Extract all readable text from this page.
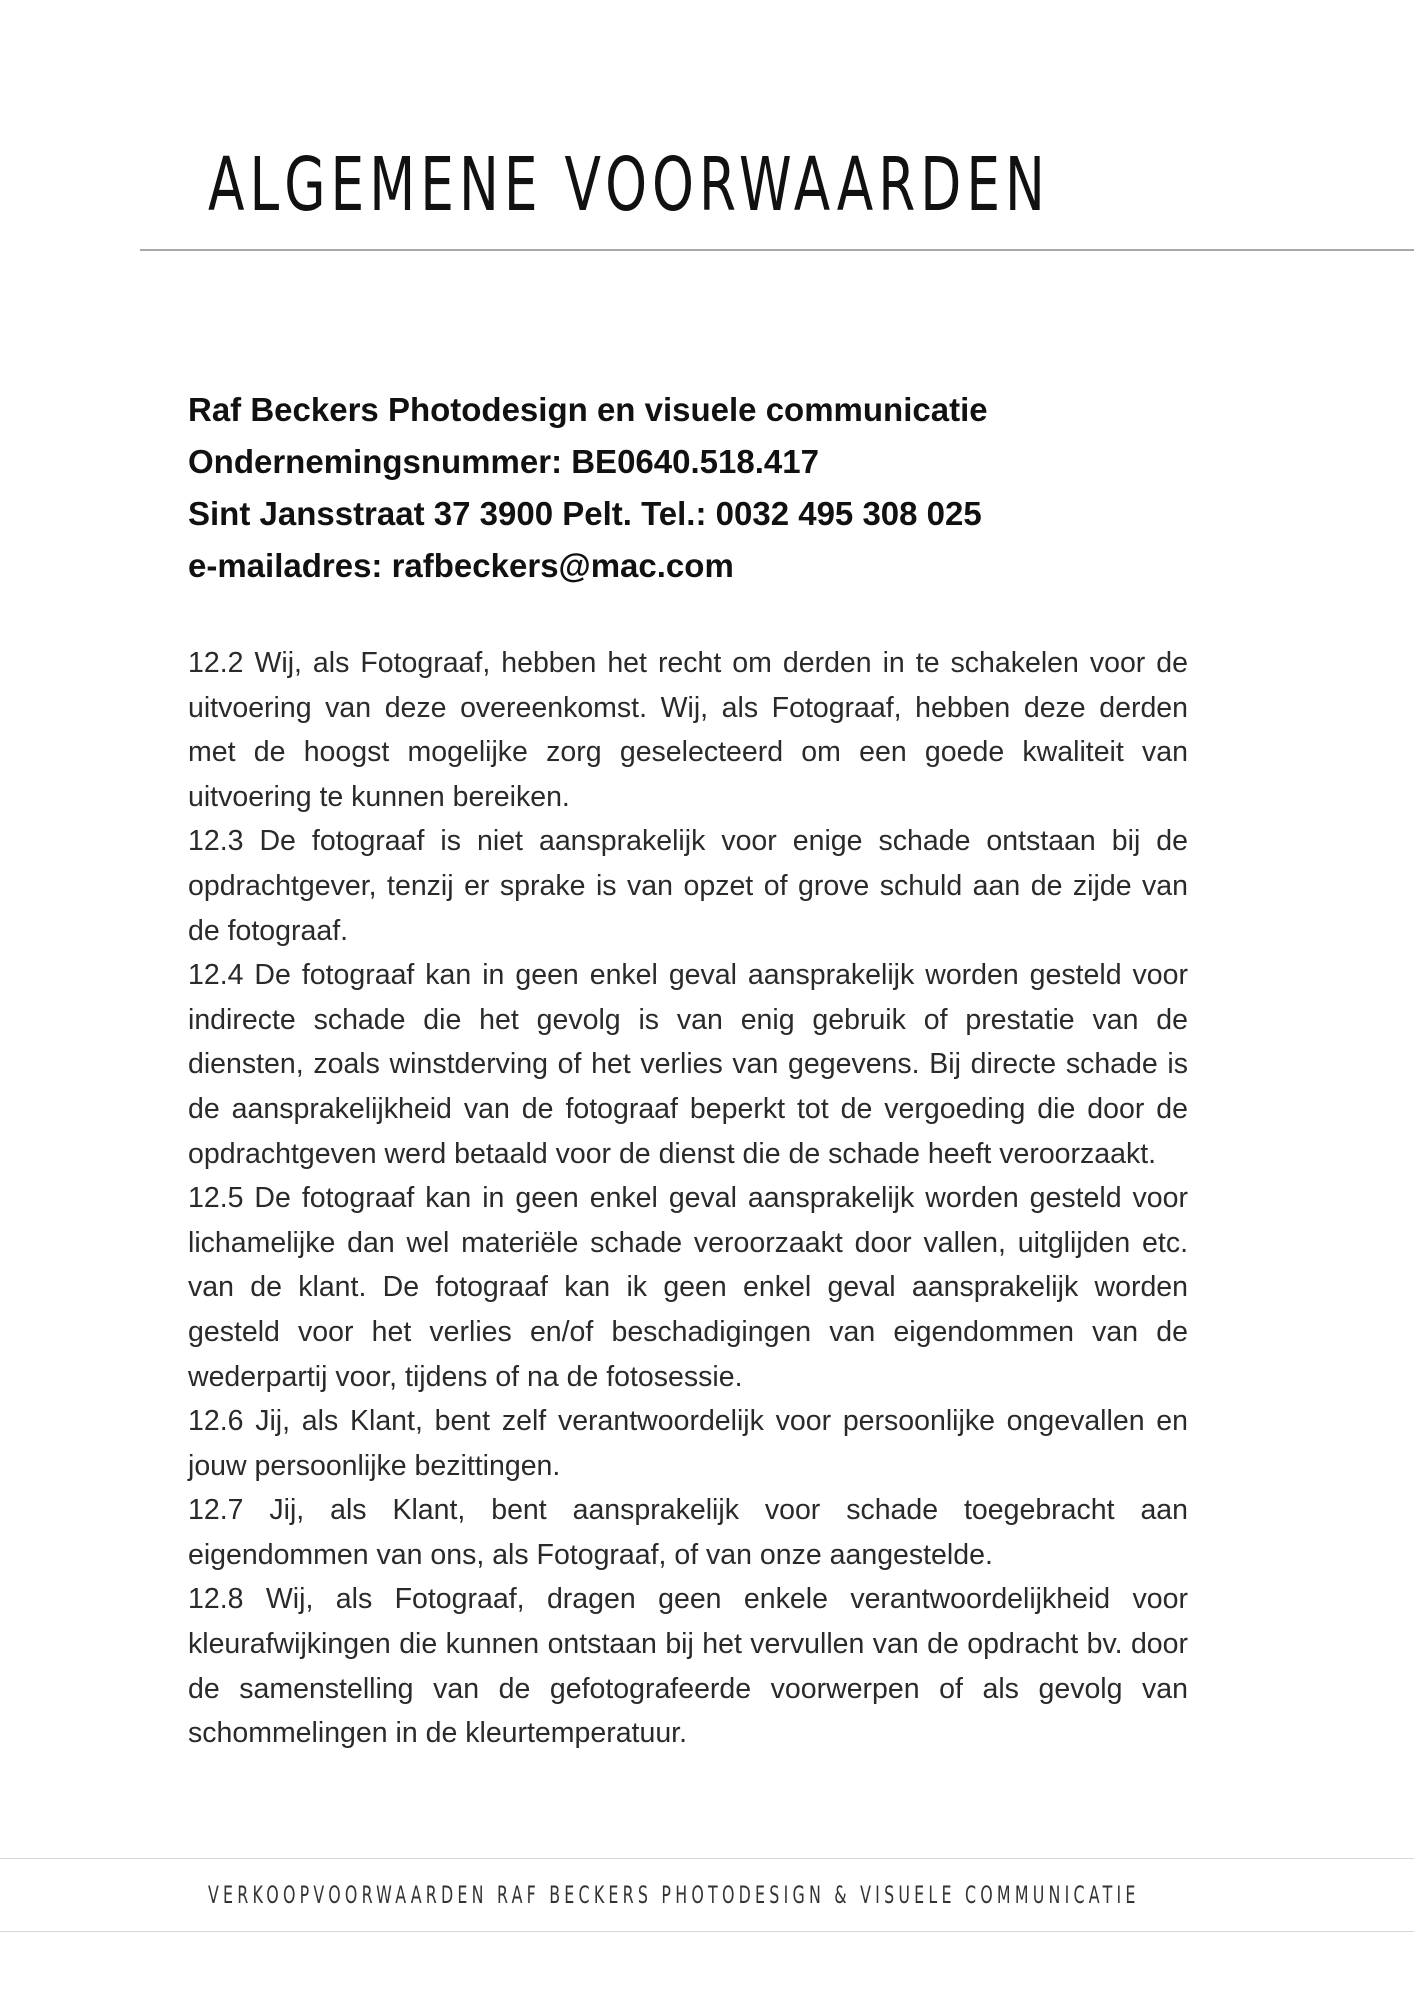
ALGEMENE VOORWAARDEN
Raf Beckers Photodesign en visuele communicatie
Ondernemingsnummer: BE0640.518.417
Sint Jansstraat 37 3900 Pelt. Tel.: 0032 495 308 025
e-mailadres: rafbeckers@mac.com

12.2 Wij, als Fotograaf, hebben het recht om derden in te schakelen voor de uitvoering van deze overeenkomst. Wij, als Fotograaf, hebben deze derden met de hoogst mogelijke zorg geselecteerd om een goede kwaliteit van uitvoering te kunnen bereiken.

12.3 De fotograaf is niet aansprakelijk voor enige schade ontstaan bij de opdrachtgever, tenzij er sprake is van opzet of grove schuld aan de zijde van de fotograaf.

12.4 De fotograaf kan in geen enkel geval aansprakelijk worden gesteld voor indirecte schade die het gevolg is van enig gebruik of prestatie van de diensten, zoals winstderving of het verlies van gegevens. Bij directe schade is de aansprakelijkheid van de fotograaf beperkt tot de vergoeding die door de opdrachtgeven werd betaald voor de dienst die de schade heeft veroorzaakt.

12.5 De fotograaf kan in geen enkel geval aansprakelijk worden gesteld voor lichamelijke dan wel materiële schade veroorzaakt door vallen, uitglijden etc. van de klant. De fotograaf kan ik geen enkel geval aansprakelijk worden gesteld voor het verlies en/of beschadigingen van eigendommen van de wederpartij voor, tijdens of na de fotosessie.

12.6 Jij, als Klant, bent zelf verantwoordelijk voor persoonlijke ongevallen en jouw persoonlijke bezittingen.

12.7 Jij, als Klant, bent aansprakelijk voor schade toegebracht aan eigendommen van ons, als Fotograaf, of van onze aangestelde.

12.8 Wij, als Fotograaf, dragen geen enkele verantwoordelijkheid voor kleurafwijkingen die kunnen ontstaan bij het vervullen van de opdracht bv. door de samenstelling van de gefotografeerde voorwerpen of als gevolg van schommelingen in de kleurtemperatuur.

VERKOOPVOORWAARDEN RAF BECKERS PHOTODESIGN & VISUELE COMMUNICATIE
